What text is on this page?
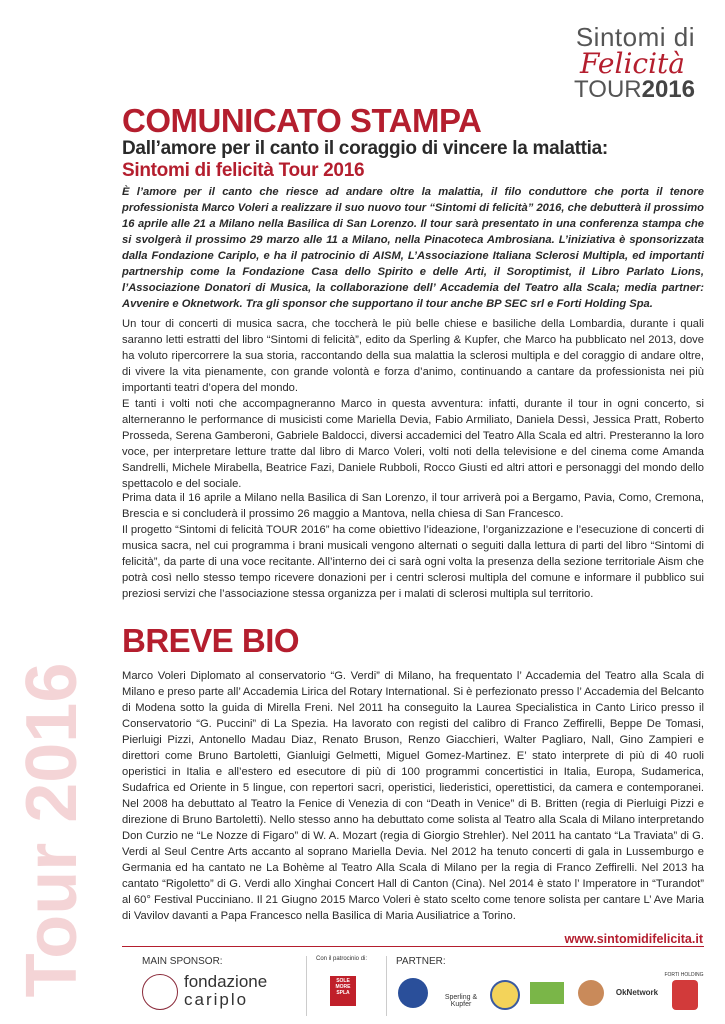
Sintomi di
Felicità
TOUR2016
COMUNICATO STAMPA
Dall’amore per il canto il coraggio di vincere la malattia:
Sintomi di felicità Tour 2016
È l’amore per il canto che riesce ad andare oltre la malattia, il filo conduttore che porta il tenore professionista Marco Voleri a realizzare il suo nuovo tour “Sintomi di felicità” 2016, che debutterà il prossimo 16 aprile alle 21 a Milano nella Basilica di San Lorenzo. Il tour sarà presentato in una conferenza stampa che si svolgerà il prossimo 29 marzo alle 11 a Milano, nella Pinacoteca Ambrosiana. L’iniziativa è sponsorizzata dalla Fondazione Cariplo, e ha il patrocinio di AISM, L’Associazione Italiana Sclerosi Multipla, ed importanti partnership come la Fondazione Casa dello Spirito e delle Arti, il Soroptimist, il Libro Parlato Lions, l’Associazione Donatori di Musica, la collaborazione dell’ Accademia del Teatro alla Scala; media partner: Avvenire e Oknetwork. Tra gli sponsor che supportano il tour anche BP SEC srl e Forti Holding Spa.
Un tour di concerti di musica sacra, che toccherà le più belle chiese e basiliche della Lombardia, durante i quali saranno letti estratti del libro “Sintomi di felicità”, edito da Sperling & Kupfer, che Marco ha pubblicato nel 2013, dove ha voluto ripercorrere la sua storia, raccontando della sua malattia la sclerosi multipla e del coraggio di andare oltre, di vivere la vita pienamente, con grande volontà e forza d’animo, continuando a cantare da professionista nei più importanti teatri d’opera del mondo.
E tanti i volti noti che accompagneranno Marco in questa avventura: infatti, durante il tour in ogni concerto, si alterneranno le performance di musicisti come Mariella Devia, Fabio Armiliato, Daniela Dessì, Jessica Pratt, Roberto Prosseda, Serena Gamberoni, Gabriele Baldocci, diversi accademici del Teatro Alla Scala ed altri. Presteranno la loro voce, per interpretare letture tratte dal libro di Marco Voleri, volti noti della televisione e del cinema come Amanda Sandrelli, Michele Mirabella, Beatrice Fazi, Daniele Rubboli, Rocco Giusti ed altri attori e personaggi del mondo dello spettacolo e del sociale.
Prima data il 16 aprile a Milano nella Basilica di San Lorenzo, il tour arriverà poi a Bergamo, Pavia, Como, Cremona, Brescia e si concluderà il prossimo 26 maggio a Mantova, nella chiesa di San Francesco.
Il progetto “Sintomi di felicità TOUR 2016” ha come obiettivo l’ideazione, l’organizzazione e l’esecuzione di concerti di musica sacra, nel cui programma i brani musicali vengono alternati o seguiti dalla lettura di parti del libro “Sintomi di felicità”, da parte di una voce recitante. All’interno dei ci sarà ogni volta la presenza della sezione territoriale Aism che potrà così nello stesso tempo ricevere donazioni per i centri sclerosi multipla del comune e informare il pubblico sui preziosi servizi che l’associazione stessa organizza per i malati di sclerosi multipla sul territorio.
BREVE BIO
Marco Voleri Diplomato al conservatorio “G. Verdi” di Milano, ha frequentato l’ Accademia del Teatro alla Scala di Milano e preso parte all’ Accademia Lirica del Rotary International. Si è perfezionato presso l’ Accademia del Belcanto di Modena sotto la guida di Mirella Freni. Nel 2011 ha conseguito la Laurea Specialistica in Canto Lirico presso il Conservatorio “G. Puccini” di La Spezia. Ha lavorato con registi del calibro di Franco Zeffirelli, Beppe De Tomasi, Pierluigi Pizzi, Antonello Madau Diaz, Renato Bruson, Renzo Giacchieri, Walter Pagliaro, Nall, Gino Zampieri e direttori come Bruno Bartoletti, Gianluigi Gelmetti, Miguel Gomez-Martinez. E’ stato interprete di più di 40 ruoli operistici in Italia e all’estero ed esecutore di più di 100 programmi concertistici in Italia, Europa, Sudamerica, Sudafrica ed Oriente in 5 lingue, con repertori sacri, operistici, liederistici, operettistici, da camera e contemporanei. Nel 2008 ha debuttato al Teatro la Fenice di Venezia di con “Death in Venice” di B. Britten (regia di Pierluigi Pizzi e direzione di Bruno Bartoletti). Nello stesso anno ha debuttato come solista al Teatro alla Scala di Milano interpretando Don Curzio ne “Le Nozze di Figaro” di W. A. Mozart (regia di Giorgio Strehler). Nel 2011 ha cantato “La Traviata” di G. Verdi al Seul Centre Arts accanto al soprano Mariella Devia. Nel 2012 ha tenuto concerti di gala in Lussemburgo e Germania ed ha cantato ne La Bohème al Teatro Alla Scala di Milano per la regia di Franco Zeffirelli. Nel 2013 ha cantato “Rigoletto” di G. Verdi allo Xinghai Concert Hall di Canton (Cina). Nel 2014 è stato l’ Imperatore in “Turandot” al 60° Festival Pucciniano. Il 21 Giugno 2015 Marco Voleri è stato scelto come tenore solista per cantare L’ Ave Maria di Vavilov davanti a Papa Francesco nella Basilica di Maria Ausiliatrice a Torino.
Tour 2016	www.sintomidifelicita.it
MAIN SPONSOR:
fondazione
cariplo
Con il patrocinio di:
SOLE MORE SPLA
PARTNER:
Sperling & Kupfer
OkNetwork
FORTI HOLDING
